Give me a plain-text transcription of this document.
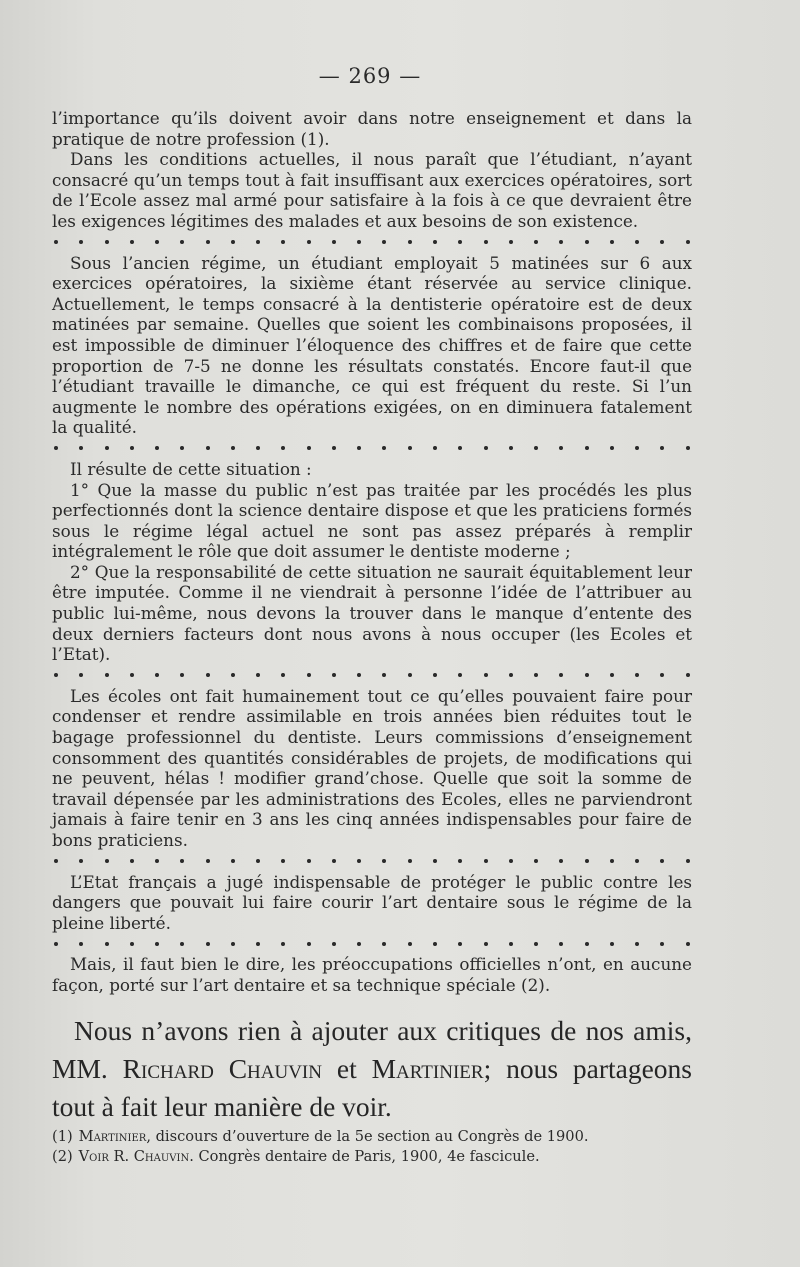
— 269 —

l’importance qu’ils doivent avoir dans notre enseignement et dans la pratique de notre profession (1).

Dans les conditions actuelles, il nous paraît que l’étudiant, n’ayant consacré qu’un temps tout à fait insuffisant aux exercices opératoires, sort de l’Ecole assez mal armé pour satisfaire à la fois à ce que devraient être les exigences légitimes des malades et aux besoins de son existence.

Sous l’ancien régime, un étudiant employait 5 matinées sur 6 aux exercices opératoires, la sixième étant réservée au service clinique. Actuellement, le temps consacré à la dentisterie opératoire est de deux matinées par semaine. Quelles que soient les combinaisons proposées, il est impossible de diminuer l’éloquence des chiffres et de faire que cette proportion de 7-5 ne donne les résultats constatés. Encore faut-il que l’étudiant travaille le dimanche, ce qui est fréquent du reste. Si l’un augmente le nombre des opérations exigées, on en diminuera fatalement la qualité.

Il résulte de cette situation :

1° Que la masse du public n’est pas traitée par les procédés les plus perfectionnés dont la science dentaire dispose et que les praticiens formés sous le régime légal actuel ne sont pas assez préparés à remplir intégralement le rôle que doit assumer le dentiste moderne ;

2° Que la responsabilité de cette situation ne saurait équitablement leur être imputée. Comme il ne viendrait à personne l’idée de l’attribuer au public lui-même, nous devons la trouver dans le manque d’entente des deux derniers facteurs dont nous avons à nous occuper (les Ecoles et l’Etat).

Les écoles ont fait humainement tout ce qu’elles pouvaient faire pour condenser et rendre assimilable en trois années bien réduites tout le bagage professionnel du dentiste. Leurs commissions d’enseignement consomment des quantités considérables de projets, de modifications qui ne peuvent, hélas ! modifier grand’chose. Quelle que soit la somme de travail dépensée par les administrations des Ecoles, elles ne parviendront jamais à faire tenir en 3 ans les cinq années indispensables pour faire de bons praticiens.

L’Etat français a jugé indispensable de protéger le public contre les dangers que pouvait lui faire courir l’art dentaire sous le régime de la pleine liberté.

Mais, il faut bien le dire, les préoccupations officielles n’ont, en aucune façon, porté sur l’art dentaire et sa technique spéciale (2).

Nous n’avons rien à ajouter aux critiques de nos amis, MM. Richard Chauvin et Martinier; nous partageons tout à fait leur manière de voir.

(1) Martinier, discours d’ouverture de la 5e section au Congrès de 1900.

(2) Voir R. Chauvin. Congrès dentaire de Paris, 1900, 4e fascicule.
